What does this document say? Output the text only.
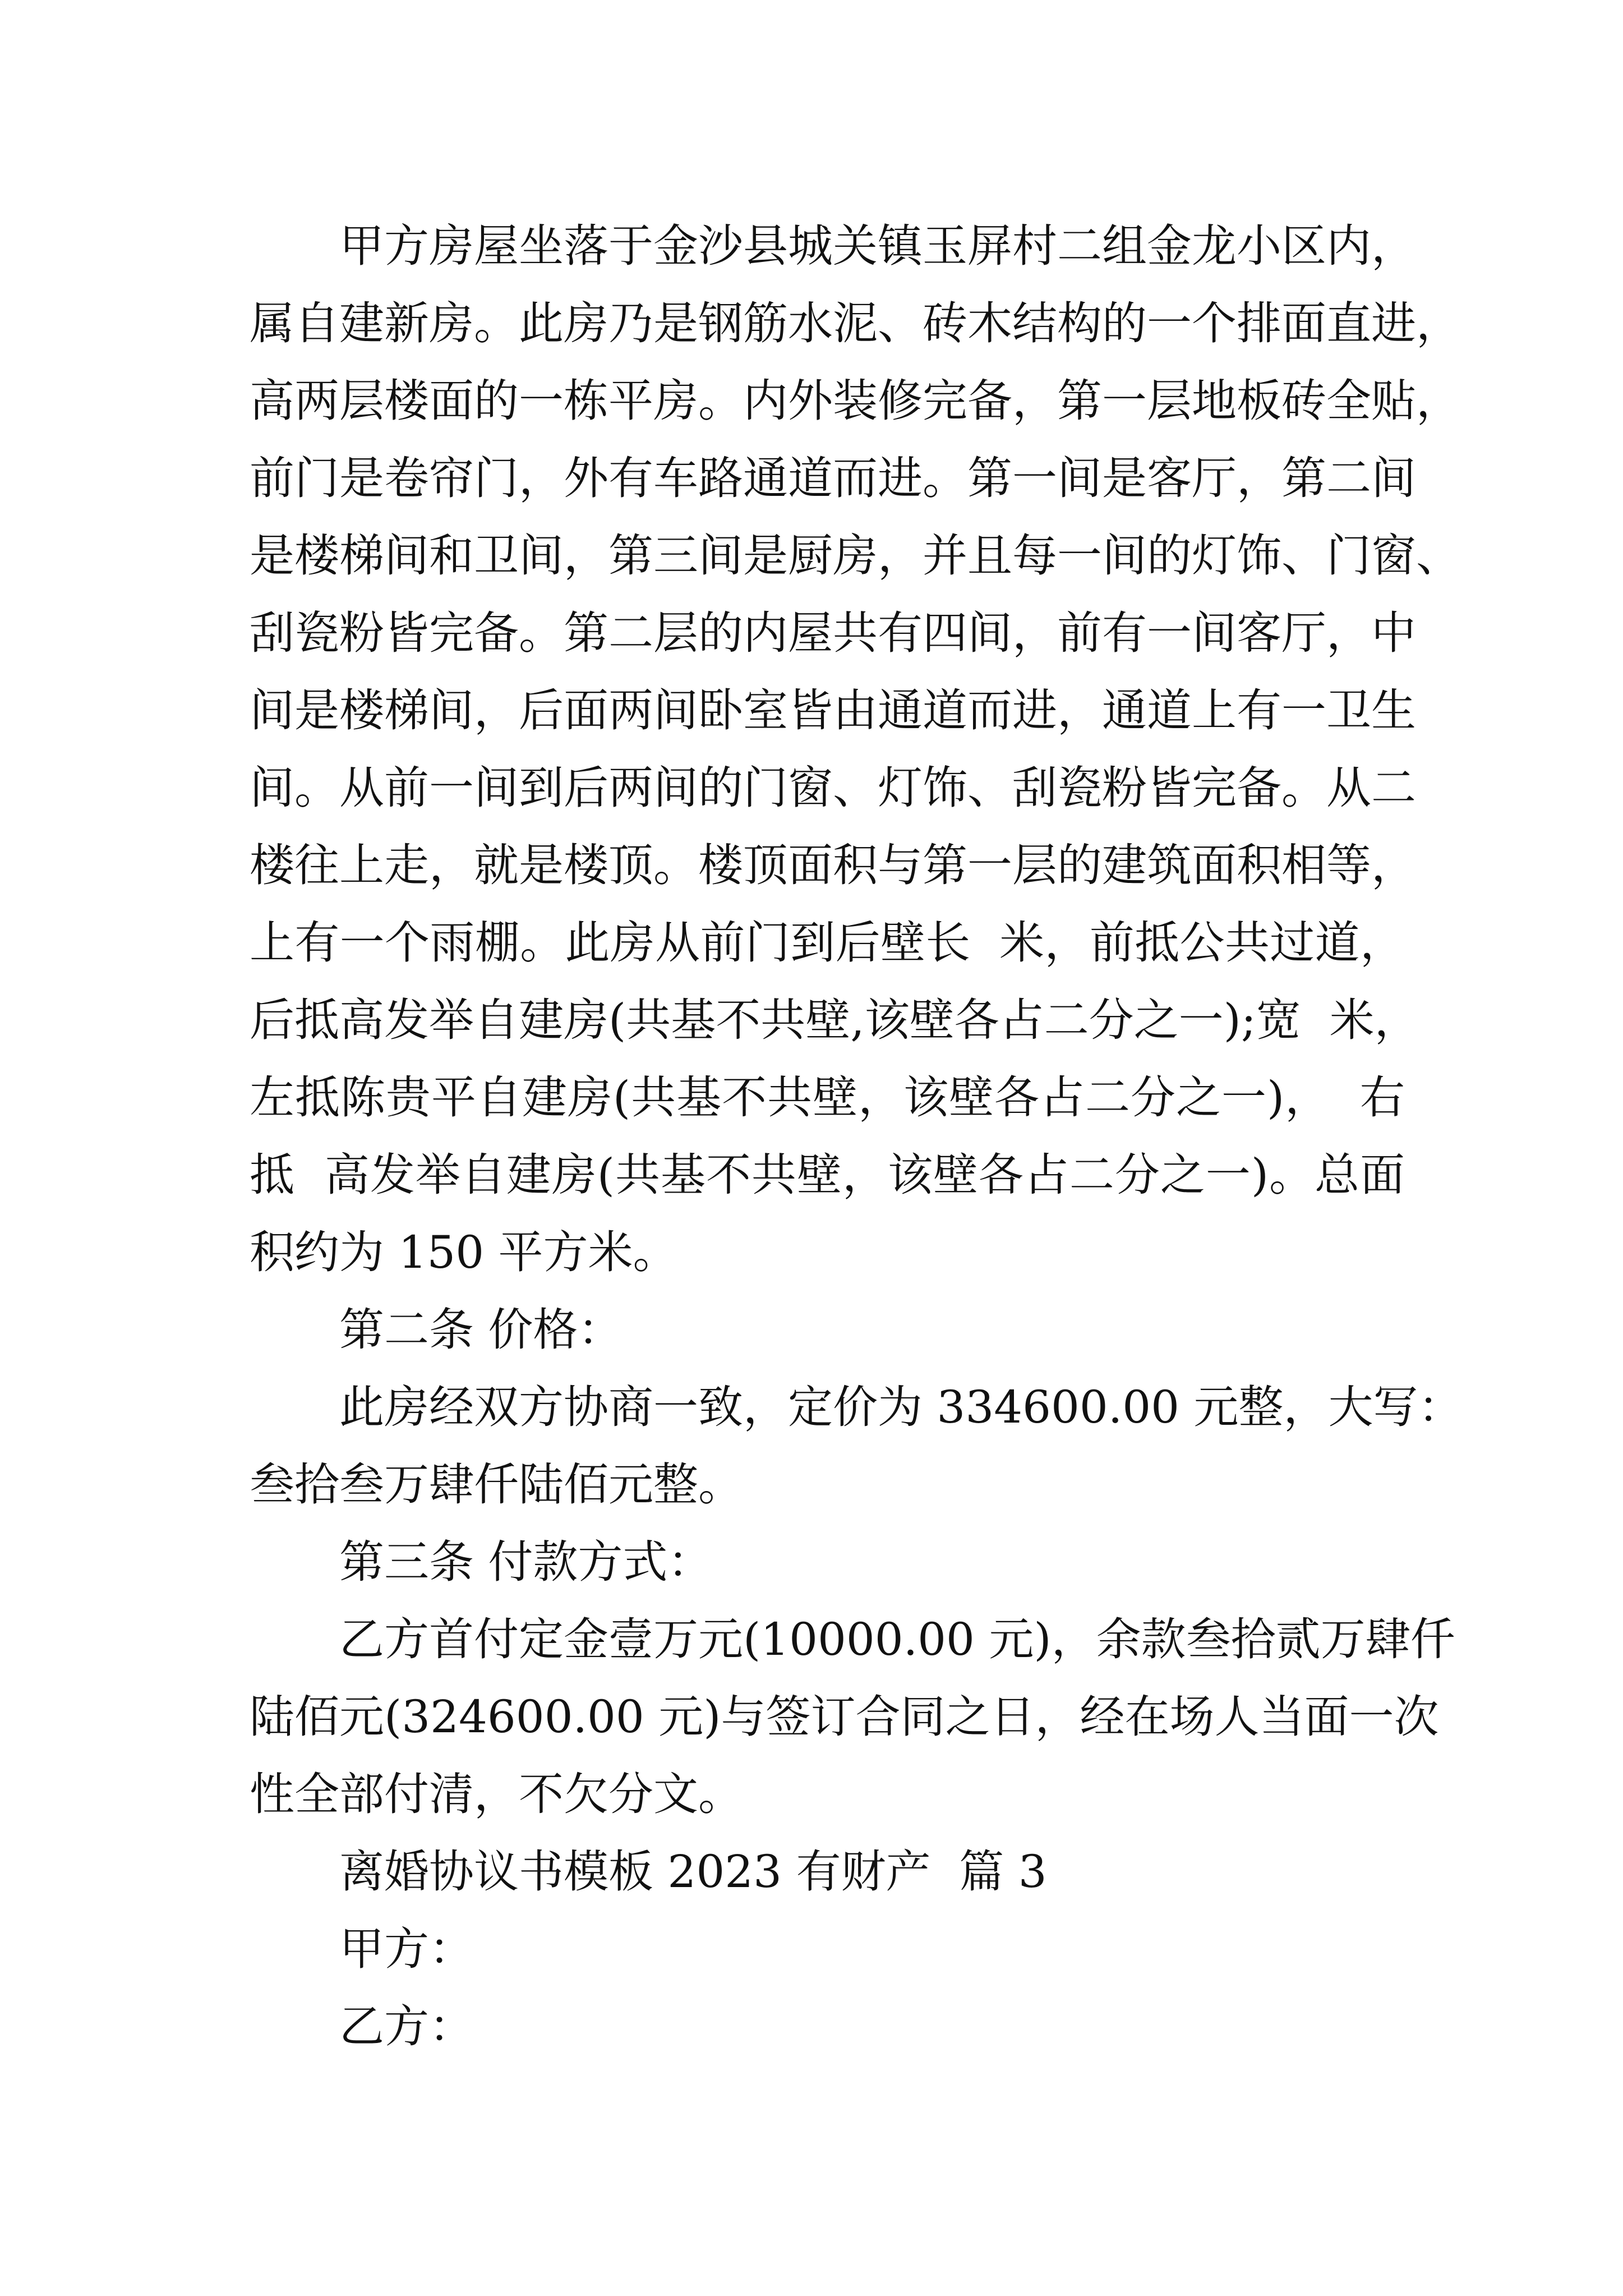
甲方房屋坐落于金沙县城关镇玉屏村二组金龙小区内，
属自建新房。此房乃是钢筋水泥、砖木结构的一个排面直进，
高两层楼面的一栋平房。内外装修完备，第一层地板砖全贴，
前门是卷帘门，外有车路通道而进。第一间是客厅，第二间
是楼梯间和卫间，第三间是厨房，并且每一间的灯饰、门窗、
刮瓷粉皆完备。第二层的内屋共有四间，前有一间客厅，中
间是楼梯间，后面两间卧室皆由通道而进，通道上有一卫生
间。从前一间到后两间的门窗、灯饰、刮瓷粉皆完备。从二
楼往上走，就是楼顶。楼顶面积与第一层的建筑面积相等，
上有一个雨棚。此房从前门到后壁长  米，前抵公共过道，
后抵高发举自建房(共基不共壁,该壁各占二分之一);宽  米，
左抵陈贵平自建房(共基不共壁，该壁各占二分之一)，  右
抵  高发举自建房(共基不共壁，该壁各占二分之一)。总面
积约为 150 平方米。
第二条 价格：
此房经双方协商一致，定价为 334600.00 元整，大写：
叁拾叁万肆仟陆佰元整。
第三条 付款方式：
乙方首付定金壹万元(10000.00 元)，余款叁拾贰万肆仟
陆佰元(324600.00 元)与签订合同之日，经在场人当面一次
性全部付清，不欠分文。
离婚协议书模板 2023 有财产  篇 3
甲方：
乙方：
